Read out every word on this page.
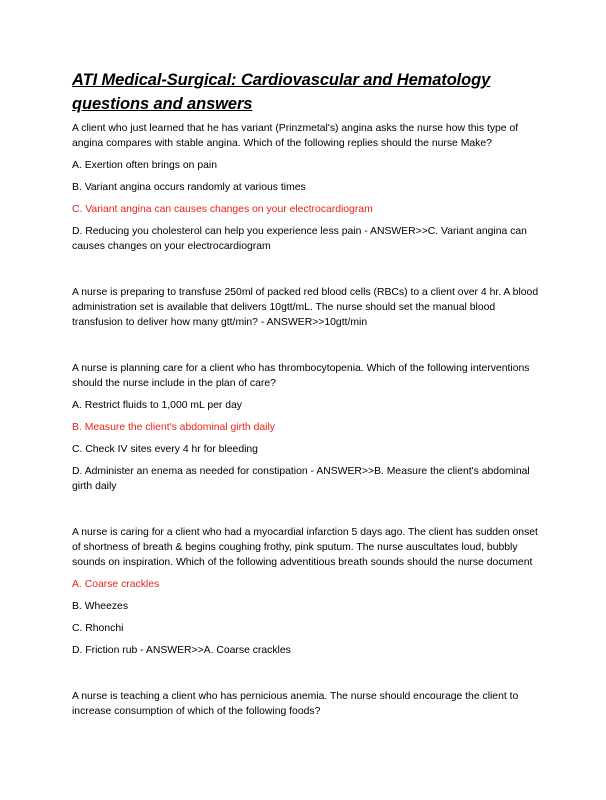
ATI Medical-Surgical: Cardiovascular and Hematology questions and answers

A client who just learned that he has variant (Prinzmetal's) angina asks the nurse how this type of angina compares with stable angina. Which of the following replies should the nurse Make?

A. Exertion often brings on pain

B. Variant angina occurs randomly at various times

C. Variant angina can causes changes on your electrocardiogram

D. Reducing you cholesterol can help you experience less pain - ANSWER>>C. Variant angina can causes changes on your electrocardiogram

A nurse is preparing to transfuse 250ml of packed red blood cells (RBCs) to a client over 4 hr. A blood administration set is available that delivers 10gtt/mL. The nurse should set the manual blood transfusion to deliver how many gtt/min? - ANSWER>>10gtt/min

A nurse is planning care for a client who has thrombocytopenia. Which of the following interventions should the nurse include in the plan of care?

A. Restrict fluids to 1,000 mL per day

B. Measure the client's abdominal girth daily

C. Check IV sites every 4 hr for bleeding

D. Administer an enema as needed for constipation - ANSWER>>B. Measure the client's abdominal girth daily

A nurse is caring for a client who had a myocardial infarction 5 days ago. The client has sudden onset of shortness of breath & begins coughing frothy, pink sputum. The nurse auscultates loud, bubbly sounds on inspiration. Which of the following adventitious breath sounds should the nurse document

A. Coarse crackles

B. Wheezes

C. Rhonchi

D. Friction rub - ANSWER>>A. Coarse crackles

A nurse is teaching a client who has pernicious anemia. The nurse should encourage the client to increase consumption of which of the following foods?
